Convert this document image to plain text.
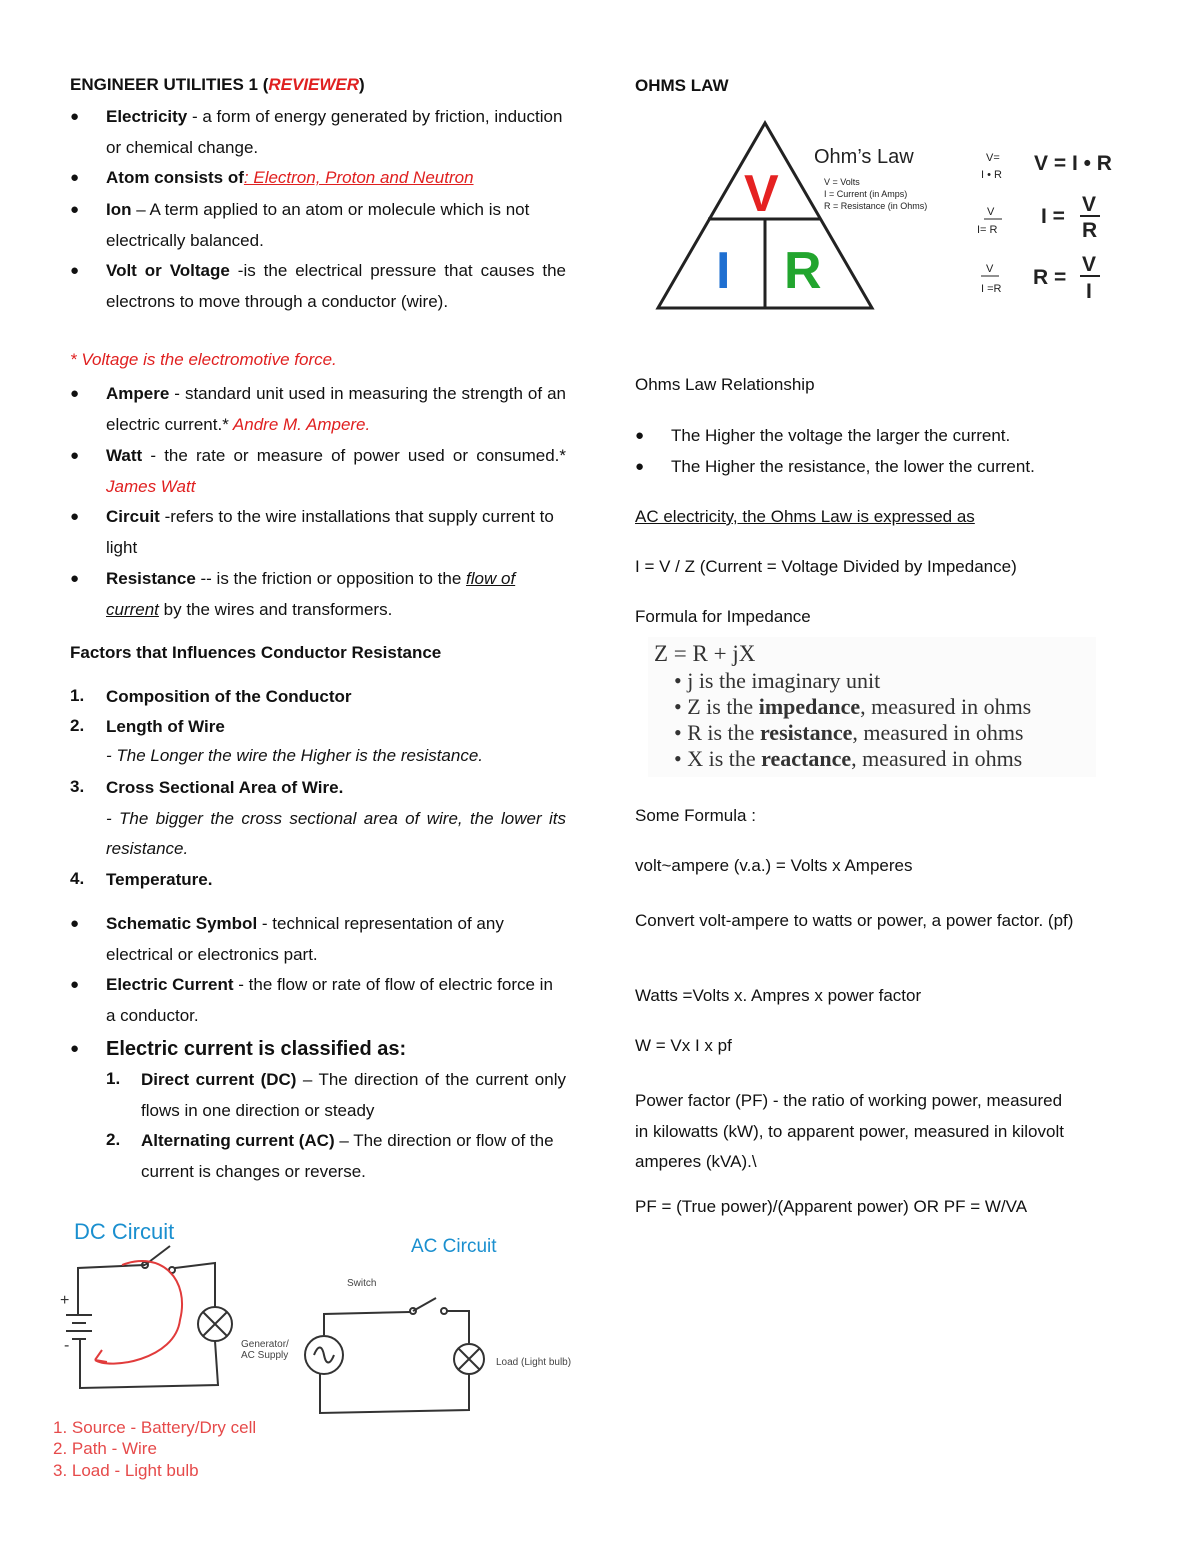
ENGINEER UTILITIES 1 (REVIEWER)
● Electricity - a form of energy generated by friction, induction or chemical change.
● Atom consists of: Electron, Proton and Neutron
● Ion – A term applied to an atom or molecule which is not electrically balanced.
● Volt or Voltage -is the electrical pressure that causes the electrons to move through a conductor (wire).
* Voltage is the electromotive force.
● Ampere - standard unit used in measuring the strength of an electric current.* Andre M. Ampere.
● Watt - the rate or measure of power used or consumed.* James Watt
● Circuit -refers to the wire installations that supply current to light
● Resistance -- is the friction or opposition to the flow of current by the wires and transformers.
Factors that Influences Conductor Resistance
1. Composition of the Conductor
2. Length of Wire
- The Longer the wire the Higher is the resistance.
3. Cross Sectional Area of Wire.
- The bigger the cross sectional area of wire, the lower its resistance.
4. Temperature.
● Schematic Symbol - technical representation of any electrical or electronics part.
● Electric Current - the flow or rate of flow of electric force in a conductor.
● Electric current is classified as:
1. Direct current (DC) – The direction of the current only flows in one direction or steady
2. Alternating current (AC) – The direction or flow of the current is changes or reverse.
DC Circuit
AC Circuit
+
-	Generator/
AC Supply
Switch
Load (Light bulb)
1. Source - Battery/Dry cell
2. Path - Wire
3. Load - Light bulb
OHMS LAW
Ohms Law Relationship
● The Higher the voltage the larger the current.
● The Higher the resistance, the lower the current.
AC electricity, the Ohms Law is expressed as
I = V / Z (Current = Voltage Divided by Impedance)
Formula for Impedance
Some Formula :
volt~ampere (v.a.) = Volts x Amperes
Convert volt-ampere to watts or power, a power factor. (pf)
Watts =Volts x. Ampres x power factor
W = Vx I x pf
Power factor (PF) - the ratio of working power, measured in kilowatts (kW), to apparent power, measured in kilovolt amperes (kVA).\
PF = (True power)/(Apparent power) OR PF = W/VA
V
I R
Ohm’s Law
V = Volts
I = Current (in Amps)
R = Resistance (in Ohms)
V=
I • R
V
I= R
V
I =R
V = I • R
I =
V
R
R =
V
I
Z = R + jX
• j is the imaginary unit
• Z is the impedance, measured in ohms
• R is the resistance, measured in ohms
• X is the reactance, measured in ohms
